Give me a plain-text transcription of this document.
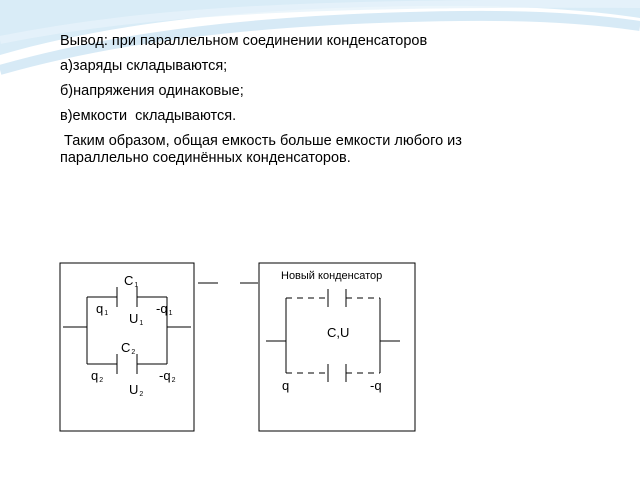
Вывод: при параллельном соединении конденсаторов
а)заряды складываются;
б)напряжения одинаковые;
в)емкости  складываются.
Таким образом, общая емкость больше емкости любого из параллельно соединённых конденсаторов.
$C_1$
$q_1$	$-q_1$
$U_1$
$C_2$
$q_2$	$-q_2$
$U_2$
Новый конденсатор
C,U
q	-q
